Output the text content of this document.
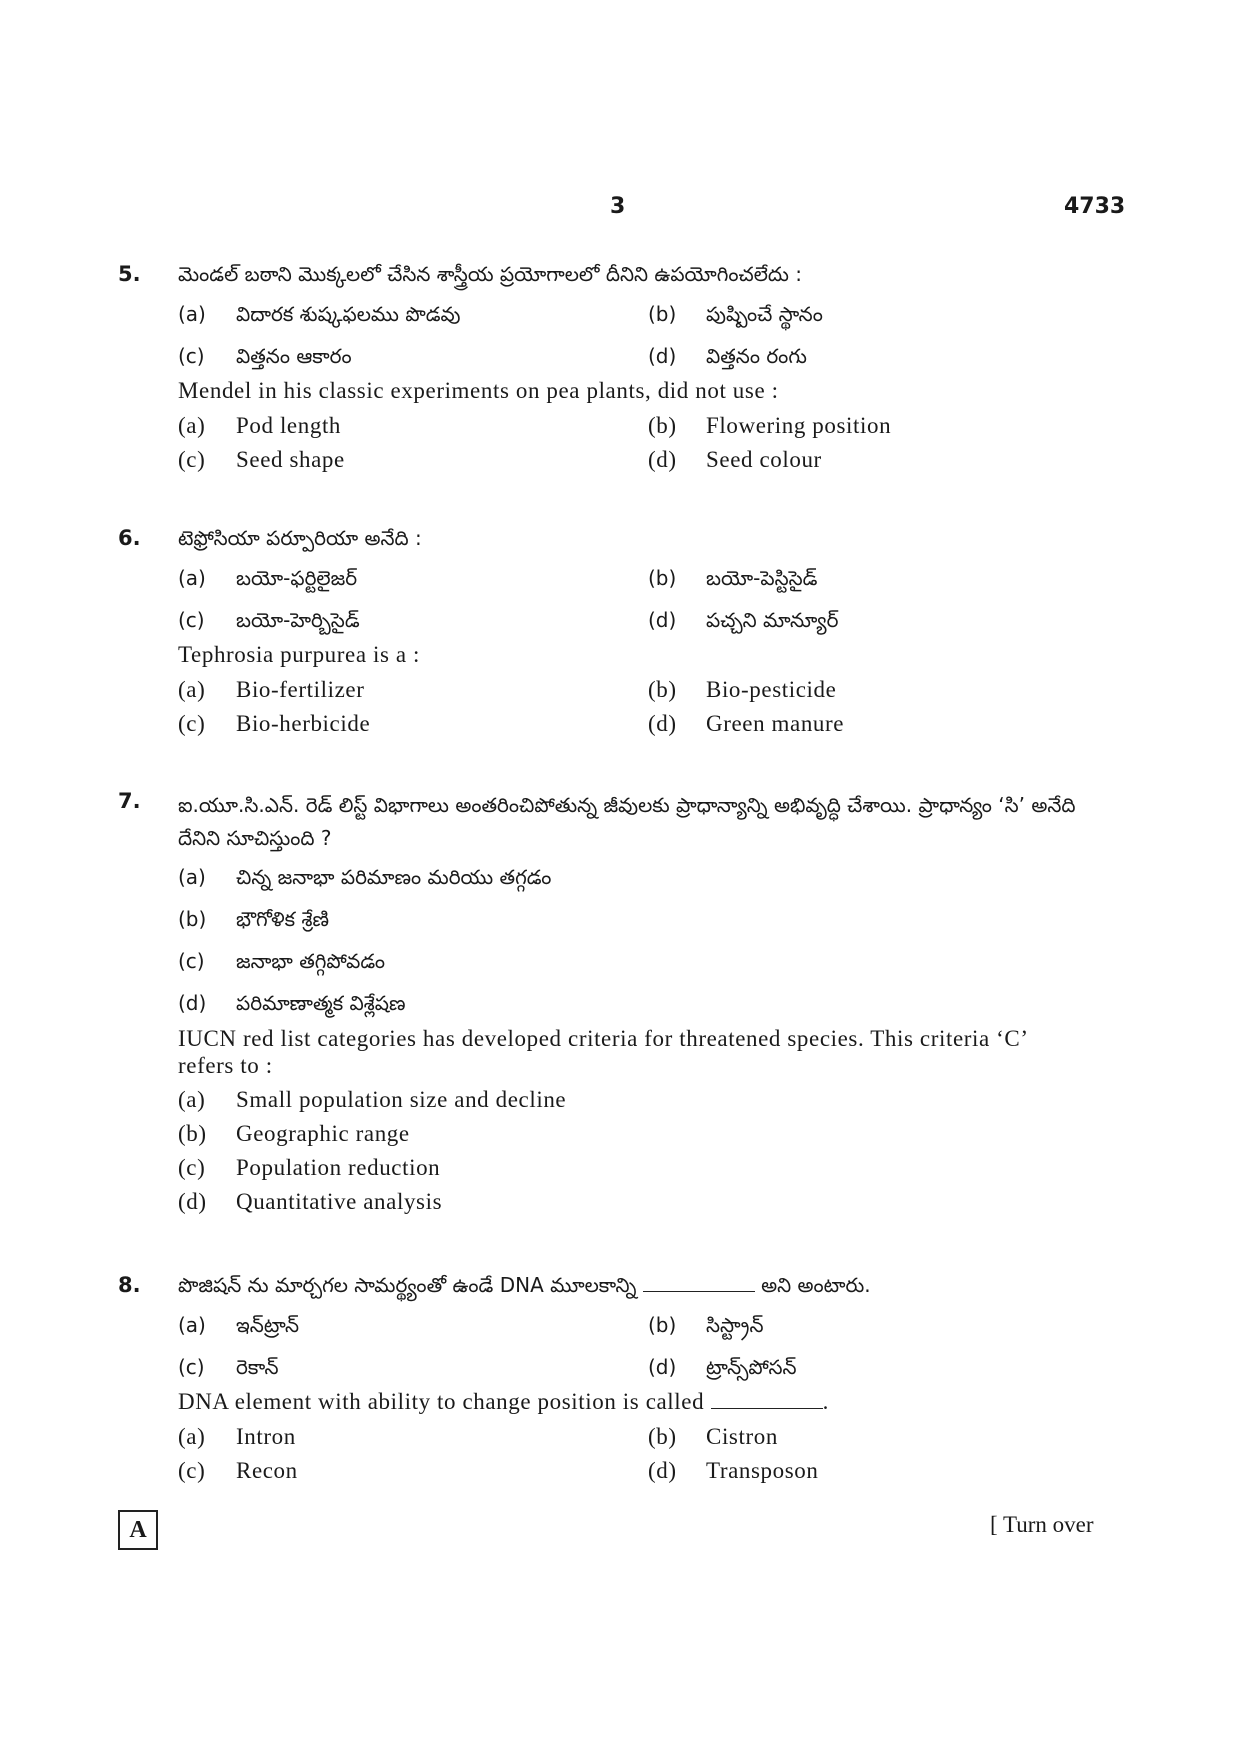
3	4733
5. మెండల్ బఠాని మొక్కలలో చేసిన శాస్త్రీయ ప్రయోగాలలో దీనిని ఉపయోగించలేదు :
(a) విదారక శుష్కఫలము పొడవు	(b) పుష్పించే స్థానం
(c) విత్తనం ఆకారం	(d) విత్తనం రంగు
Mendel in his classic experiments on pea plants, did not use :
(a) Pod length	(b) Flowering position
(c) Seed shape	(d) Seed colour
6. టెఫ్రోసియా పర్పూరియా అనేది :
(a) బయో-ఫర్టిలైజర్	(b) బయో-పెస్టిసైడ్
(c) బయో-హెర్బిసైడ్	(d) పచ్చని మాన్యూర్
Tephrosia purpurea is a :
(a) Bio-fertilizer	(b) Bio-pesticide
(c) Bio-herbicide	(d) Green manure
7. ఐ.యూ.సి.ఎన్. రెడ్ లిస్ట్ విభాగాలు అంతరించిపోతున్న జీవులకు ప్రాధాన్యాన్ని అభివృద్ధి చేశాయి. ప్రాధాన్యం ‘సి’ అనేది దేనిని సూచిస్తుంది ?
(a) చిన్న జనాభా పరిమాణం మరియు తగ్గడం
(b) భౌగోళిక శ్రేణి
(c) జనాభా తగ్గిపోవడం
(d) పరిమాణాత్మక విశ్లేషణ
IUCN red list categories has developed criteria for threatened species. This criteria ‘C’ refers to :
(a) Small population size and decline
(b) Geographic range
(c) Population reduction
(d) Quantitative analysis
8. పొజిషన్ ను మార్చగల సామర్థ్యంతో ఉండే DNA మూలకాన్ని	అని అంటారు.
(a) ఇన్‌ట్రాన్	(b) సిస్ట్రాన్
(c) రెకాన్	(d) ట్రాన్స్‌పోసన్
DNA element with ability to change position is called	.
(a) Intron	(b) Cistron
(c) Recon	(d) Transposon
A	[ Turn over
